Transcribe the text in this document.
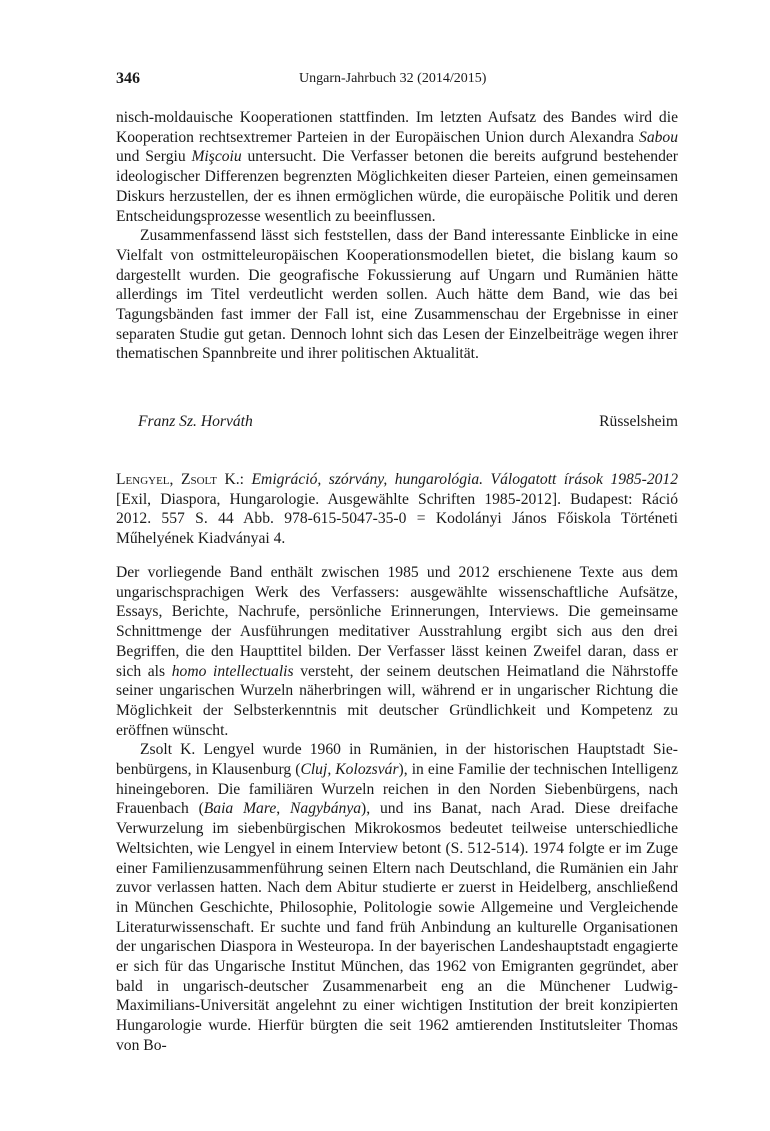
346	Ungarn-Jahrbuch 32 (2014/2015)

nisch-moldauische Kooperationen stattfinden. Im letzten Aufsatz des Bandes wird die Kooperation rechtsextremer Parteien in der Europäischen Union durch Alexandra Sabou und Sergiu Mişcoiu untersucht. Die Verfasser betonen die bereits aufgrund bestehender ideologischer Differenzen begrenzten Möglichkeiten dieser Parteien, einen gemeinsamen Diskurs herzustellen, der es ihnen ermöglichen würde, die europäische Politik und deren Entscheidungsprozesse wesentlich zu beeinflussen.

Zusammenfassend lässt sich feststellen, dass der Band interessante Einblicke in eine Vielfalt von ostmitteleuropäischen Kooperationsmodellen bietet, die bislang kaum so dargestellt wurden. Die geografische Fokussierung auf Ungarn und Rumänien hätte allerdings im Titel verdeutlicht werden sollen. Auch hätte dem Band, wie das bei Tagungsbänden fast immer der Fall ist, eine Zusammenschau der Ergebnisse in einer separaten Studie gut getan. Dennoch lohnt sich das Lesen der Einzelbeiträge wegen ihrer thematischen Spannbreite und ihrer politischen Aktualität.

Franz Sz. Horváth	Rüsselsheim
Lengyel, Zsolt K.: Emigráció, szórvány, hungarológia. Válogatott írások 1985-2012 [Exil, Diaspora, Hungarologie. Ausgewählte Schriften 1985-2012]. Budapest: Ráció 2012. 557 S. 44 Abb. 978-615-5047-35-0 = Kodolányi János Főiskola Történeti Műhelyének Kiadványai 4.

Der vorliegende Band enthält zwischen 1985 und 2012 erschienene Texte aus dem ungarischsprachigen Werk des Verfassers: ausgewählte wissenschaftliche Aufsätze, Essays, Berichte, Nachrufe, persönliche Erinnerungen, Interviews. Die gemeinsame Schnittmenge der Ausführungen meditativer Ausstrahlung ergibt sich aus den drei Begriffen, die den Haupttitel bilden. Der Verfasser lässt keinen Zweifel daran, dass er sich als homo intellectualis versteht, der seinem deutschen Heimatland die Nährstoffe seiner ungarischen Wurzeln näherbringen will, während er in ungarischer Richtung die Möglichkeit der Selbsterkenntnis mit deutscher Gründlichkeit und Kompetenz zu eröffnen wünscht.

Zsolt K. Lengyel wurde 1960 in Rumänien, in der historischen Hauptstadt Siebenbürgens, in Klausenburg (Cluj, Kolozsvár), in eine Familie der technischen Intelligenz hineingeboren. Die familiären Wurzeln reichen in den Norden Siebenbürgens, nach Frauenbach (Baia Mare, Nagybánya), und ins Banat, nach Arad. Diese dreifache Verwurzelung im siebenbürgischen Mikrokosmos bedeutet teilweise unterschiedliche Weltsichten, wie Lengyel in einem Interview betont (S. 512-514). 1974 folgte er im Zuge einer Familienzusammenführung seinen Eltern nach Deutschland, die Rumänien ein Jahr zuvor verlassen hatten. Nach dem Abitur studierte er zuerst in Heidelberg, anschließend in München Geschichte, Philosophie, Politologie sowie Allgemeine und Vergleichende Literaturwissenschaft. Er suchte und fand früh Anbindung an kulturelle Organisationen der ungarischen Diaspora in Westeuropa. In der bayerischen Landeshauptstadt engagierte er sich für das Ungarische Institut München, das 1962 von Emigranten gegründet, aber bald in ungarisch-deutscher Zusammenarbeit eng an die Münchener Ludwig-Maximilians-Universität angelehnt zu einer wichtigen Institution der breit konzipierten Hungarologie wurde. Hierfür bürgten die seit 1962 amtierenden Institutsleiter Thomas von Bo-
